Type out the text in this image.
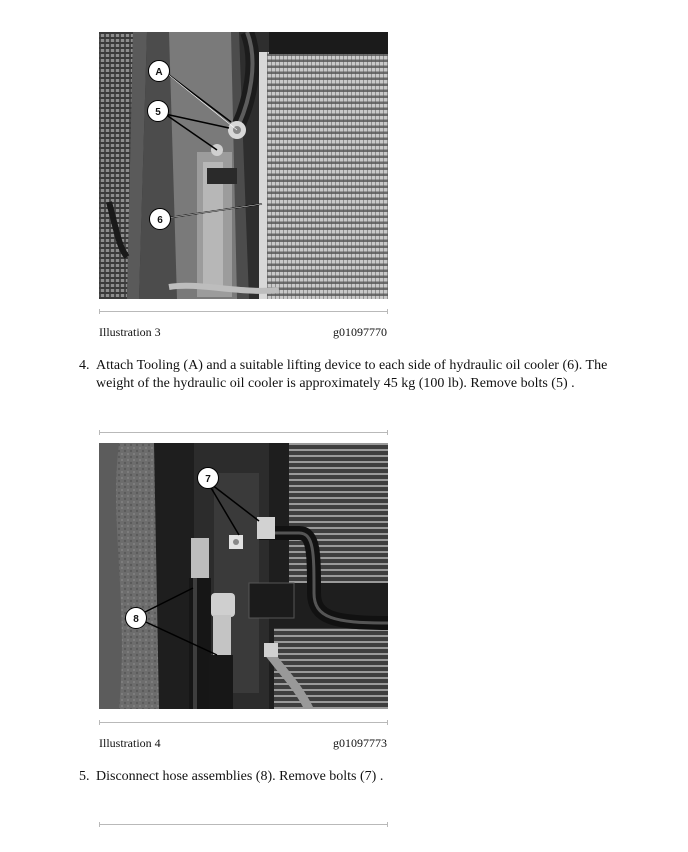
A
5
6
Illustration 3	g01097770
4. Attach Tooling (A) and a suitable lifting device to each side of hydraulic oil cooler (6). The
weight of the hydraulic oil cooler is approximately 45 kg (100 lb). Remove bolts (5) .
7
8
Illustration 4	g01097773
5. Disconnect hose assemblies (8). Remove bolts (7) .
